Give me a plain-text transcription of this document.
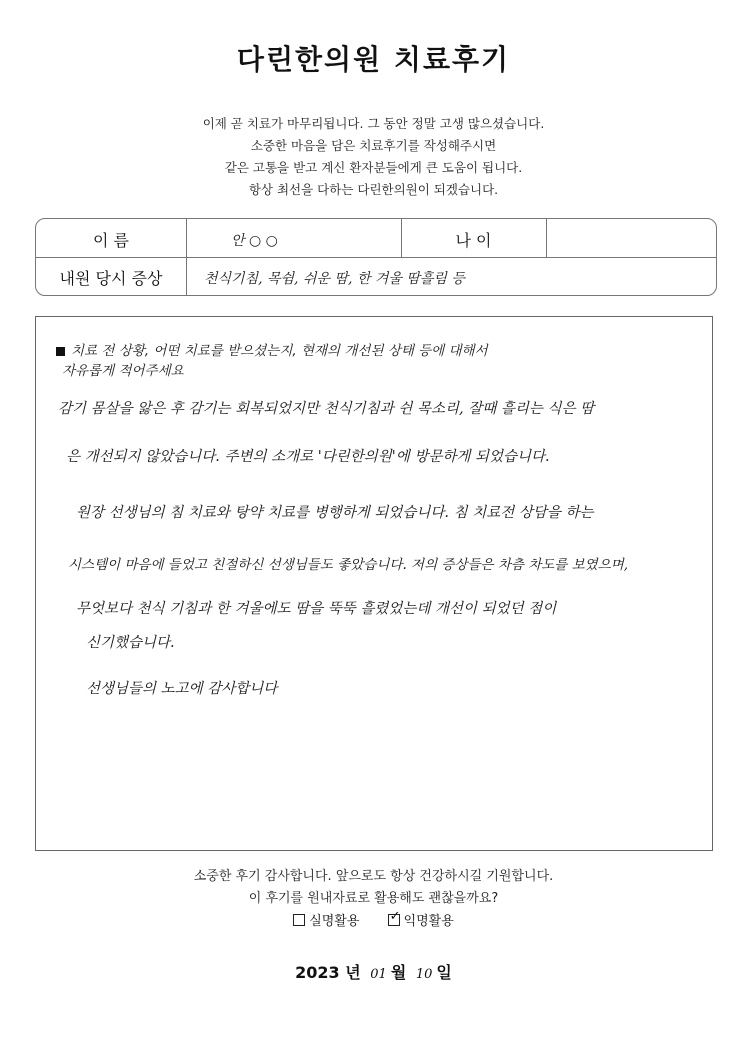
다린한의원 치료후기
이제 곧 치료가 마무리됩니다. 그 동안 정말 고생 많으셨습니다.
소중한 마음을 담은 치료후기를 작성해주시면
같은 고통을 받고 계신 환자분들에게 큰 도움이 됩니다.
항상 최선을 다하는 다린한의원이 되겠습니다.
이 름	안 ○ ○	나 이
내원 당시 증상	천식기침, 목쉼, 쉬운 땀, 한 겨울 땀흘림 등
치료 전 상황, 어떤 치료를 받으셨는지, 현재의 개선된 상태 등에 대해서
자유롭게 적어주세요
감기 몸살을 앓은 후 감기는 회복되었지만 천식기침과 쉰 목소리, 잘때 흘리는 식은 땀
은 개선되지 않았습니다. 주변의 소개로 '다린한의원'에 방문하게 되었습니다.
원장 선생님의 침 치료와 탕약 치료를 병행하게 되었습니다. 침 치료전 상담을 하는
시스템이 마음에 들었고 친절하신 선생님들도 좋았습니다. 저의 증상들은 차츰 차도를 보였으며,
무엇보다 천식 기침과 한 겨울에도 땀을 뚝뚝 흘렸었는데 개선이 되었던 점이
신기했습니다.
선생님들의 노고에 감사합니다
소중한 후기 감사합니다. 앞으로도 항상 건강하시길 기원합니다.
이 후기를 원내자료로 활용해도 괜찮을까요?
실명활용 ✓ 익명활용
2023 년 01 월 10 일
